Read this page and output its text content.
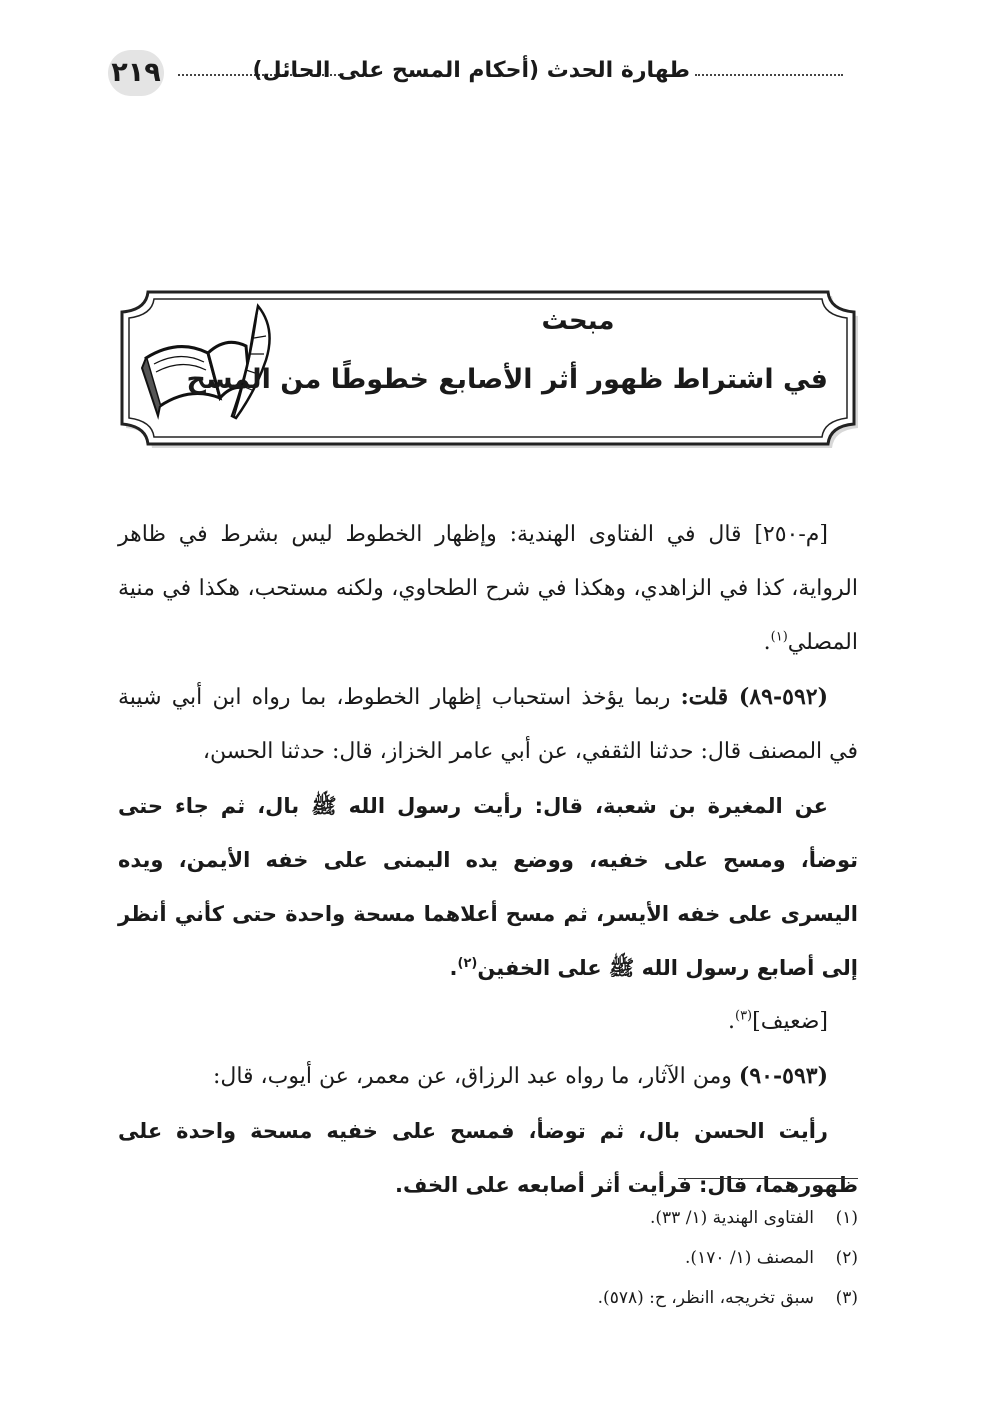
٢١٩	طهارة الحدث (أحكام المسح على الحائل)
مبحث
في اشتراط ظهور أثر الأصابع خطوطًا من المسح

[م-٢٥٠] قال في الفتاوى الهندية: وإظهار الخطوط ليس بشرط في ظاهر الرواية، كذا في الزاهدي، وهكذا في شرح الطحاوي، ولكنه مستحب، هكذا في منية المصلي$^{(١)}$.

(٥٩٢-٨٩) قلت: ربما يؤخذ استحباب إظهار الخطوط، بما رواه ابن أبي شيبة في المصنف قال: حدثنا الثقفي، عن أبي عامر الخزاز، قال: حدثنا الحسن،

عن المغيرة بن شعبة، قال: رأيت رسول الله ﷺ بال، ثم جاء حتى توضأ، ومسح على خفيه، ووضع يده اليمنى على خفه الأيمن، ويده اليسرى على خفه الأيسر، ثم مسح أعلاهما مسحة واحدة حتى كأني أنظر إلى أصابع رسول الله ﷺ على الخفين$^{(٢)}$.

[ضعيف]$^{(٣)}$.

(٥٩٣-٩٠) ومن الآثار، ما رواه عبد الرزاق، عن معمر، عن أيوب، قال:

رأيت الحسن بال، ثم توضأ، فمسح على خفيه مسحة واحدة على ظهورهما، قال: فرأيت أثر أصابعه على الخف.

(١)الفتاوى الهندية (١/ ٣٣).
(٢)المصنف (١/ ١٧٠).
(٣)سبق تخريجه، اانظر، ح: (٥٧٨).
